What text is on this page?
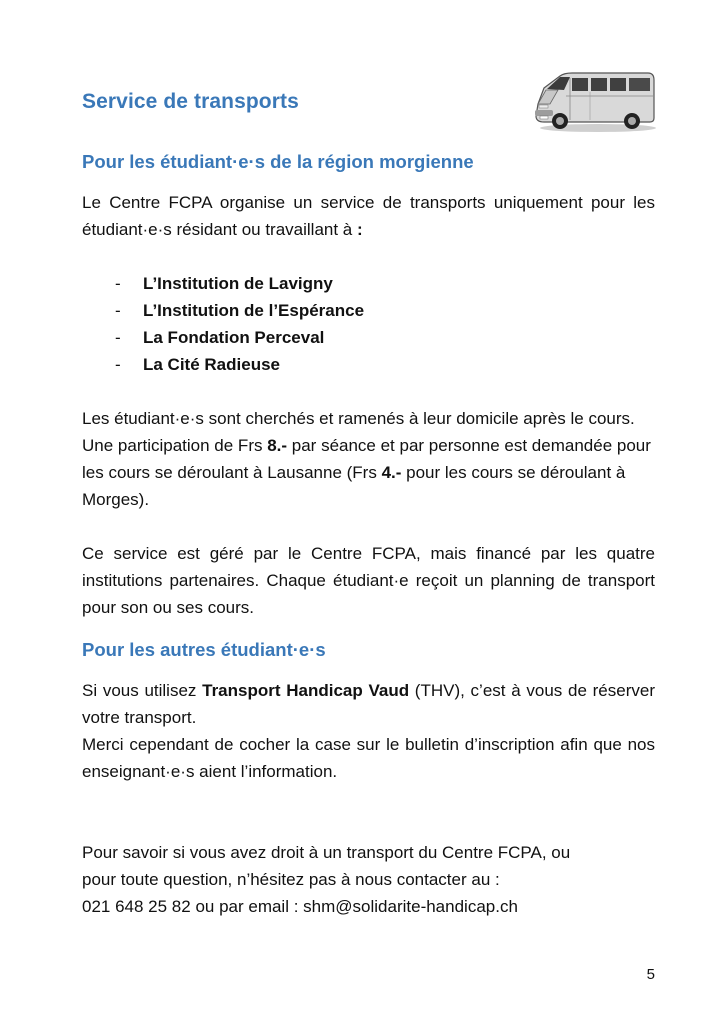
Service de transports
Pour les étudiant·e·s de la région morgienne

Le Centre FCPA organise un service de transports uniquement pour les étudiant·e·s résidant ou travaillant à :

- L’Institution de Lavigny
- L’Institution de l’Espérance
- La Fondation Perceval
- La Cité Radieuse

Les étudiant·e·s sont cherchés et ramenés à leur domicile après le cours. Une participation de Frs 8.- par séance et par personne est demandée pour les cours se déroulant à Lausanne (Frs 4.- pour les cours se déroulant à Morges).

Ce service est géré par le Centre FCPA, mais financé par les quatre institutions partenaires. Chaque étudiant·e reçoit un planning de transport pour son ou ses cours.

Pour les autres étudiant·e·s

Si vous utilisez Transport Handicap Vaud (THV), c’est à vous de réserver votre transport.

Merci cependant de cocher la case sur le bulletin d’inscription afin que nos enseignant·e·s aient l’information.

Pour savoir si vous avez droit à un transport du Centre FCPA, ou

pour toute question, n’hésitez pas à nous contacter au :

021 648 25 82 ou par email : shm@solidarite-handicap.ch

5
